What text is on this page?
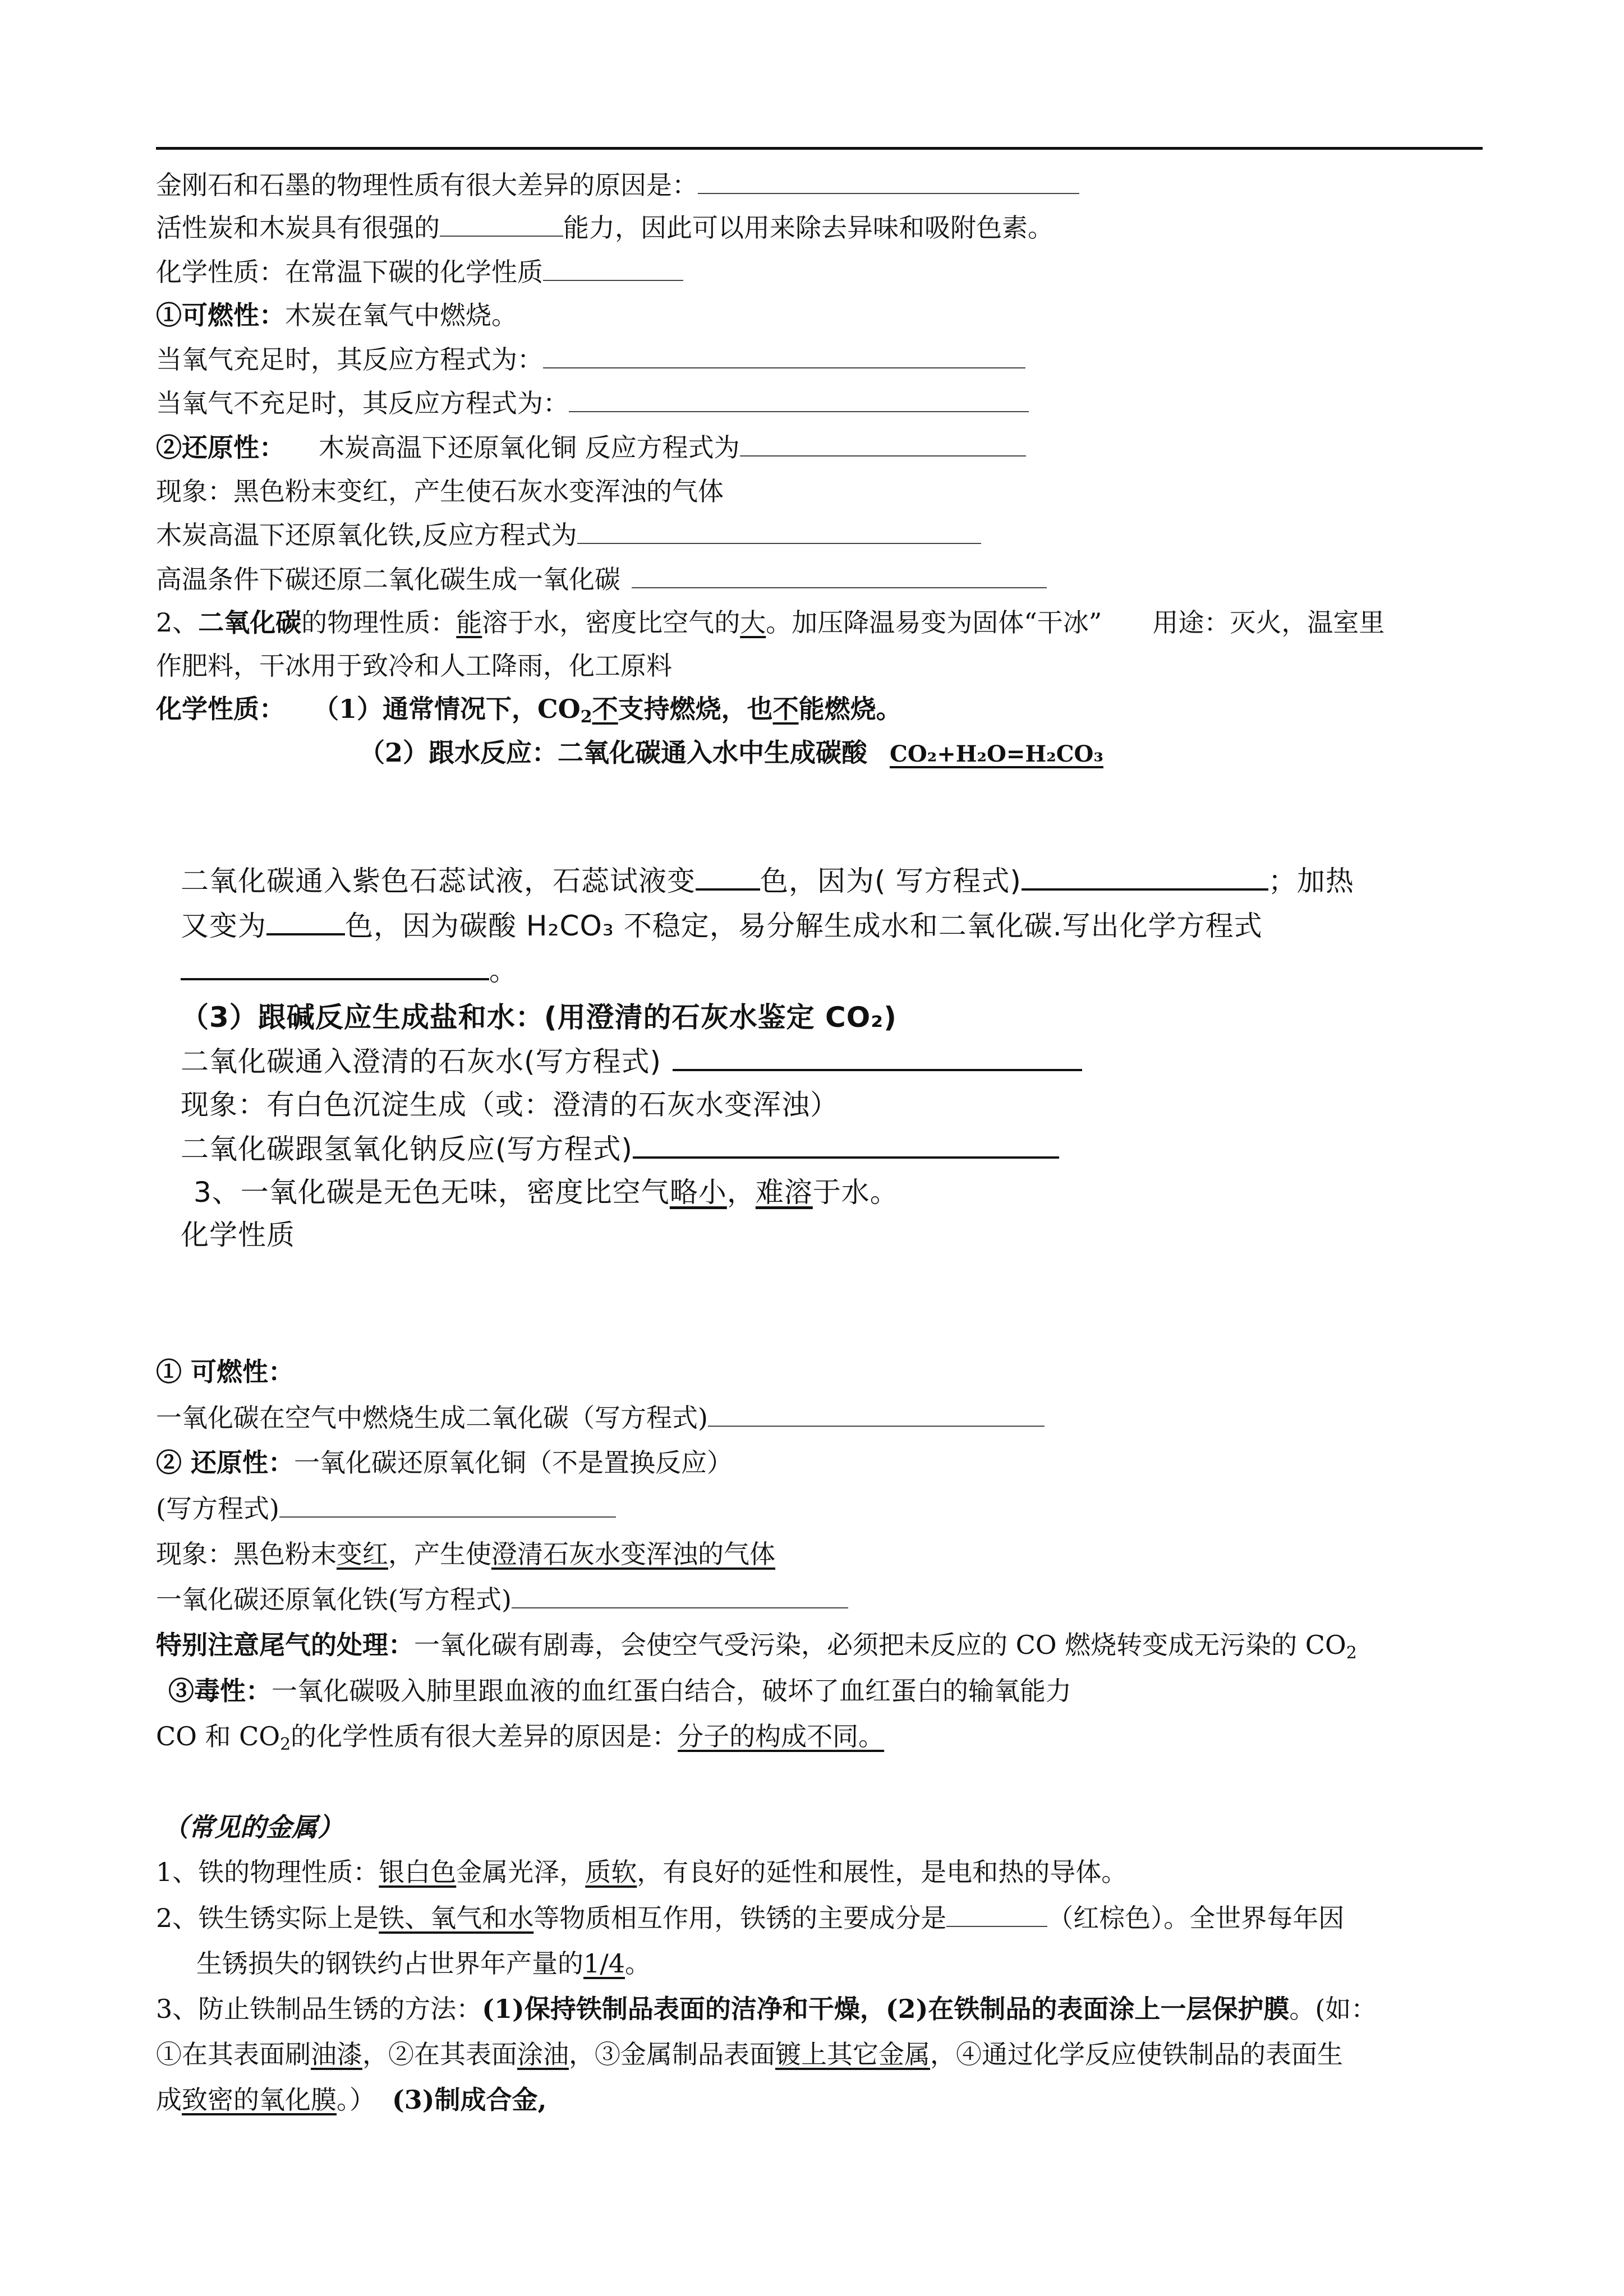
金刚石和石墨的物理性质有很大差异的原因是：
活性炭和木炭具有很强的	能力，因此可以用来除去异味和吸附色素。
化学性质：在常温下碳的化学性质
①可燃性：木炭在氧气中燃烧。
当氧气充足时，其反应方程式为：
当氧气不充足时，其反应方程式为：
②还原性： 木炭高温下还原氧化铜 反应方程式为
现象：黑色粉末变红，产生使石灰水变浑浊的气体
木炭高温下还原氧化铁,反应方程式为
高温条件下碳还原二氧化碳生成一氧化碳
2、二氧化碳的物理性质：能溶于水，密度比空气的大。加压降温易变为固体“干冰” 用途：灭火，温室里
作肥料，干冰用于致冷和人工降雨，化工原料
化学性质： （1）通常情况下，$CO_2$不支持燃烧，也不能燃烧。
（2）跟水反应：二氧化碳通入水中生成碳酸 CO₂+H₂O=H₂CO₃
二氧化碳通入紫色石蕊试液，石蕊试液变 色，因为( 写方程式)	；加热
又变为	色，因为碳酸 H₂CO₃ 不稳定，易分解生成水和二氧化碳.写出化学方程式
。
（3）跟碱反应生成盐和水：(用澄清的石灰水鉴定 CO₂)
二氧化碳通入澄清的石灰水(写方程式)
现象：有白色沉淀生成（或：澄清的石灰水变浑浊）
二氧化碳跟氢氧化钠反应(写方程式)
3、一氧化碳是无色无味，密度比空气略小，难溶于水。
化学性质
① 可燃性：
一氧化碳在空气中燃烧生成二氧化碳（写方程式)
② 还原性：一氧化碳还原氧化铜（不是置换反应）
(写方程式)
现象：黑色粉末变红，产生使澄清石灰水变浑浊的气体
一氧化碳还原氧化铁(写方程式)
特别注意尾气的处理：一氧化碳有剧毒，会使空气受污染，必须把未反应的 CO 燃烧转变成无污染的 $CO_2$
③毒性：一氧化碳吸入肺里跟血液的血红蛋白结合，破坏了血红蛋白的输氧能力
CO 和 $CO_2$的化学性质有很大差异的原因是：分子的构成不同。
（常见的金属）
1、铁的物理性质：银白色金属光泽，质软，有良好的延性和展性，是电和热的导体。
2、铁生锈实际上是铁、氧气和水等物质相互作用，铁锈的主要成分是	（红棕色）。全世界每年因
生锈损失的钢铁约占世界年产量的1/4。
3、防止铁制品生锈的方法：(1)保持铁制品表面的洁净和干燥，(2)在铁制品的表面涂上一层保护膜。(如：
①在其表面刷油漆，②在其表面涂油，③金属制品表面镀上其它金属，④通过化学反应使铁制品的表面生
成致密的氧化膜。） (3)制成合金,
